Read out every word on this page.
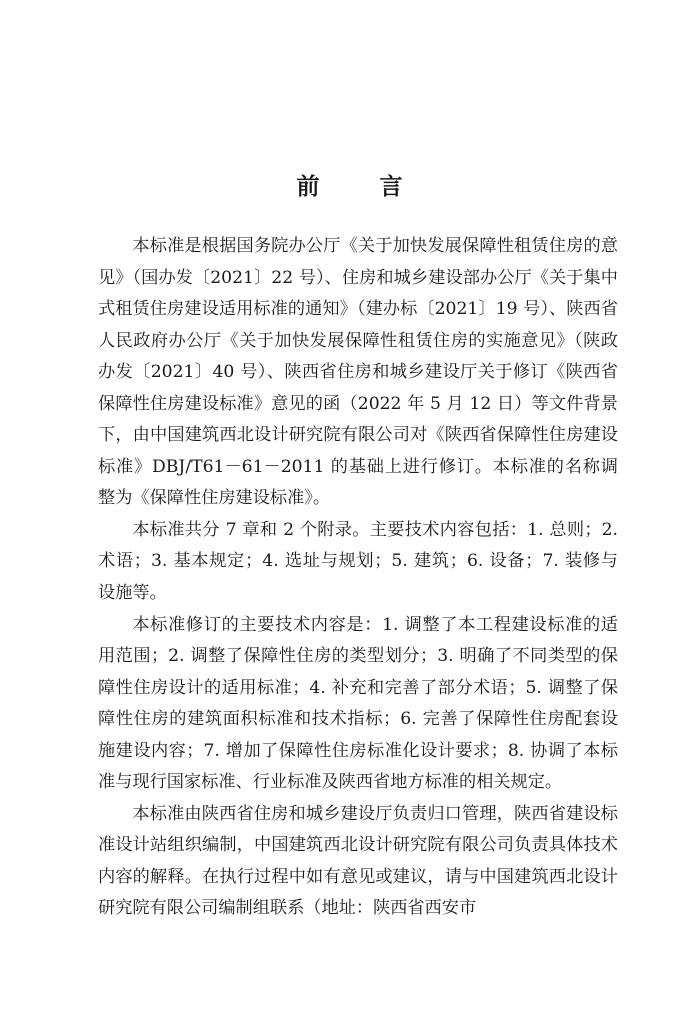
前 言

本标准是根据国务院办公厅《关于加快发展保障性租赁住房的意见》（国办发〔2021〕22 号）、住房和城乡建设部办公厅《关于集中式租赁住房建设适用标准的通知》（建办标〔2021〕19 号）、陕西省人民政府办公厅《关于加快发展保障性租赁住房的实施意见》（陕政办发〔2021〕40 号）、陕西省住房和城乡建设厅关于修订《陕西省保障性住房建设标准》意见的函（2022 年 5 月 12 日）等文件背景下，由中国建筑西北设计研究院有限公司对《陕西省保障性住房建设标准》DBJ/T61－61－2011 的基础上进行修订。本标准的名称调整为《保障性住房建设标准》。

本标准共分 7 章和 2 个附录。主要技术内容包括：1. 总则；2. 术语；3. 基本规定；4. 选址与规划；5. 建筑；6. 设备；7. 装修与设施等。

本标准修订的主要技术内容是：1. 调整了本工程建设标准的适用范围；2. 调整了保障性住房的类型划分；3. 明确了不同类型的保障性住房设计的适用标准；4. 补充和完善了部分术语；5. 调整了保障性住房的建筑面积标准和技术指标；6. 完善了保障性住房配套设施建设内容；7. 增加了保障性住房标准化设计要求；8. 协调了本标准与现行国家标准、行业标准及陕西省地方标准的相关规定。

本标准由陕西省住房和城乡建设厅负责归口管理，陕西省建设标准设计站组织编制，中国建筑西北设计研究院有限公司负责具体技术内容的解释。在执行过程中如有意见或建议，请与中国建筑西北设计研究院有限公司编制组联系（地址：陕西省西安市
